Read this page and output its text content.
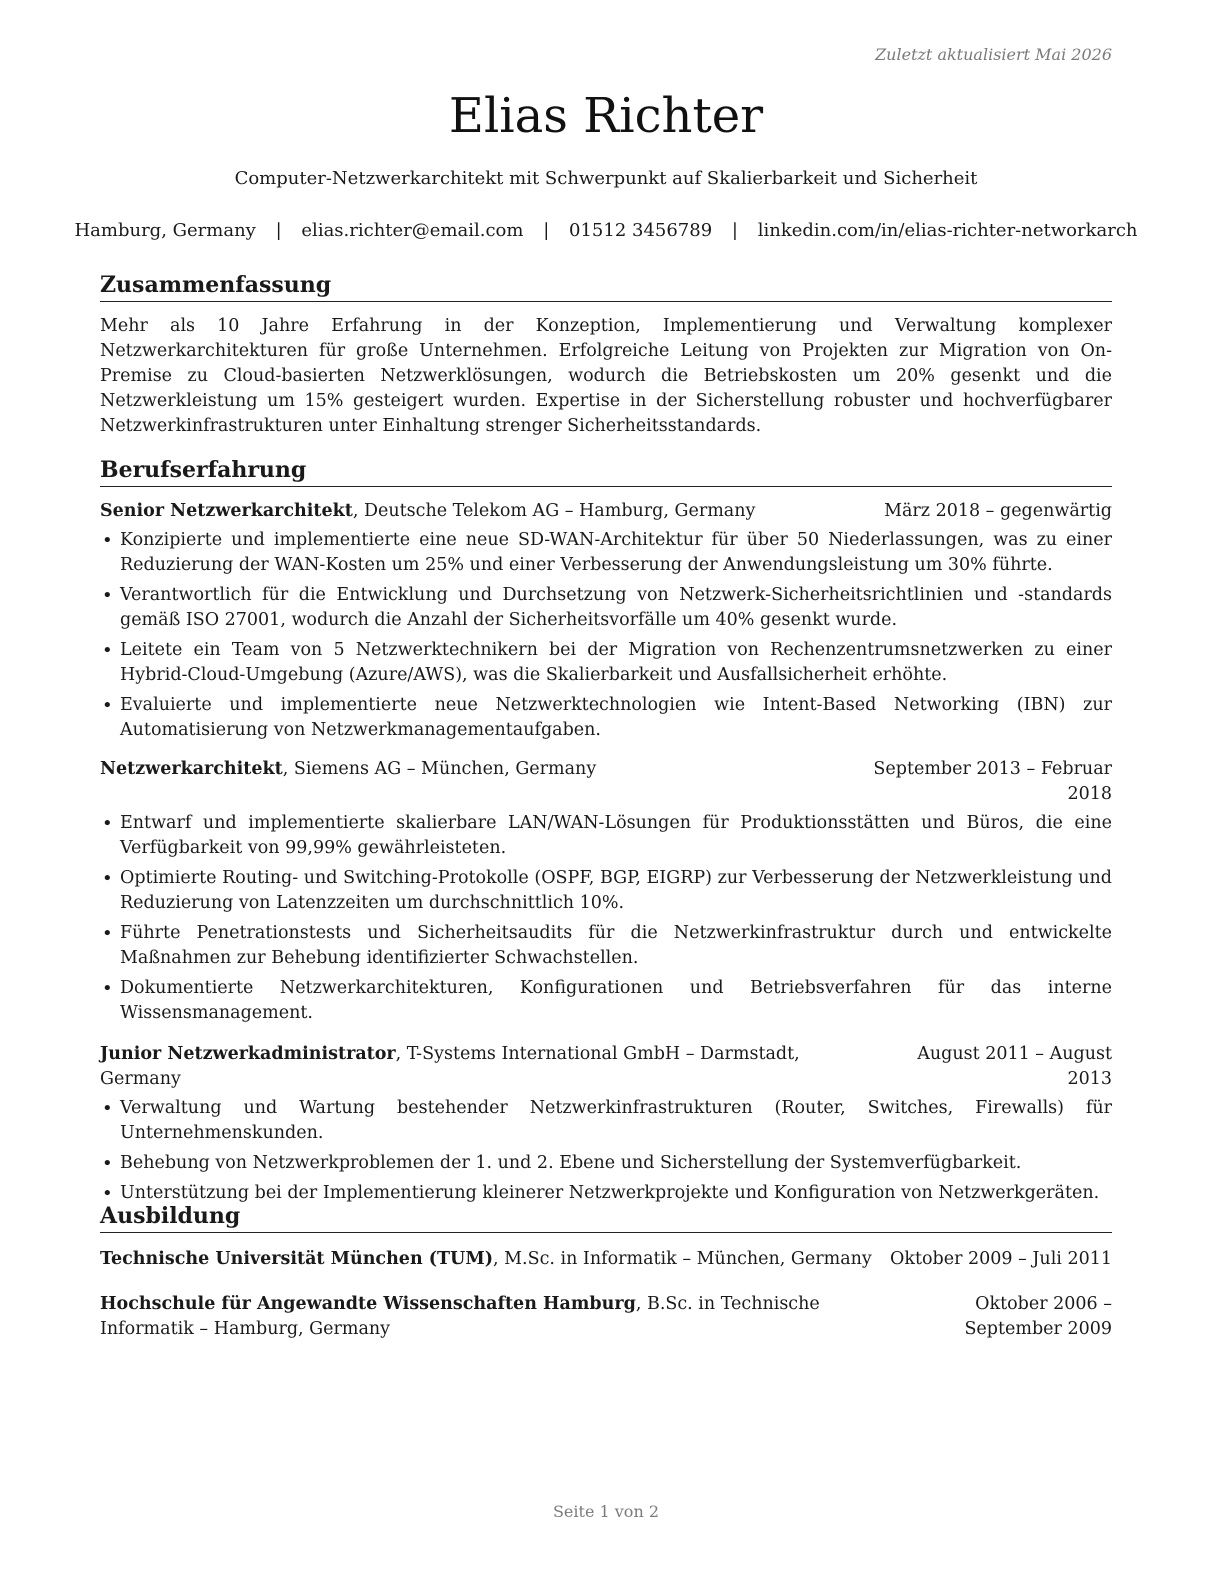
Zuletzt aktualisiert Mai 2026
Elias Richter
Computer-Netzwerkarchitekt mit Schwerpunkt auf Skalierbarkeit und Sicherheit
Hamburg, Germany | elias.richter@email.com | 01512 3456789 | linkedin.com/in/elias-richter-networkarch
Zusammenfassung

Mehr als 10 Jahre Erfahrung in der Konzeption, Implementierung und Verwaltung komplexer Netzwerkarchitekturen für große Unternehmen. Erfolgreiche Leitung von Projekten zur Migration von On-Premise zu Cloud-basierten Netzwerklösungen, wodurch die Betriebskosten um 20% gesenkt und die Netzwerkleistung um 15% gesteigert wurden. Expertise in der Sicherstellung robuster und hochverfügbarer Netzwerkinfrastrukturen unter Einhaltung strenger Sicherheitsstandards.

Berufserfahrung
Senior Netzwerkarchitekt, Deutsche Telekom AG – Hamburg, Germany	März 2018 – gegenwärtig
• Konzipierte und implementierte eine neue SD-WAN-Architektur für über 50 Niederlassungen, was zu einer Reduzierung der WAN-Kosten um 25% und einer Verbesserung der Anwendungsleistung um 30% führte.
• Verantwortlich für die Entwicklung und Durchsetzung von Netzwerk-Sicherheitsrichtlinien und -standards gemäß ISO 27001, wodurch die Anzahl der Sicherheitsvorfälle um 40% gesenkt wurde.
• Leitete ein Team von 5 Netzwerktechnikern bei der Migration von Rechenzentrumsnetzwerken zu einer Hybrid-Cloud-Umgebung (Azure/AWS), was die Skalierbarkeit und Ausfallsicherheit erhöhte.
• Evaluierte und implementierte neue Netzwerktechnologien wie Intent-Based Networking (IBN) zur Automatisierung von Netzwerkmanagementaufgaben.
Netzwerkarchitekt, Siemens AG – München, Germany	September 2013 – Februar 2018
• Entwarf und implementierte skalierbare LAN/WAN-Lösungen für Produktionsstätten und Büros, die eine Verfügbarkeit von 99,99% gewährleisteten.
• Optimierte Routing- und Switching-Protokolle (OSPF, BGP, EIGRP) zur Verbesserung der Netzwerkleistung und Reduzierung von Latenzzeiten um durchschnittlich 10%.
• Führte Penetrationstests und Sicherheitsaudits für die Netzwerkinfrastruktur durch und entwickelte Maßnahmen zur Behebung identifizierter Schwachstellen.
• Dokumentierte Netzwerkarchitekturen, Konfigurationen und Betriebsverfahren für das interne Wissensmanagement.
Junior Netzwerkadministrator, T-Systems International GmbH – Darmstadt, Germany
August 2011 – August 2013
• Verwaltung und Wartung bestehender Netzwerkinfrastrukturen (Router, Switches, Firewalls) für Unternehmenskunden.
• Behebung von Netzwerkproblemen der 1. und 2. Ebene und Sicherstellung der Systemverfügbarkeit.
• Unterstützung bei der Implementierung kleinerer Netzwerkprojekte und Konfiguration von Netzwerkgeräten.
Ausbildung
Technische Universität München (TUM), M.Sc. in Informatik – München, Germany Oktober 2009 – Juli 2011
Hochschule für Angewandte Wissenschaften Hamburg, B.Sc. in Technische Informatik – Hamburg, Germany
Oktober 2006 – September 2009
Seite 1 von 2
